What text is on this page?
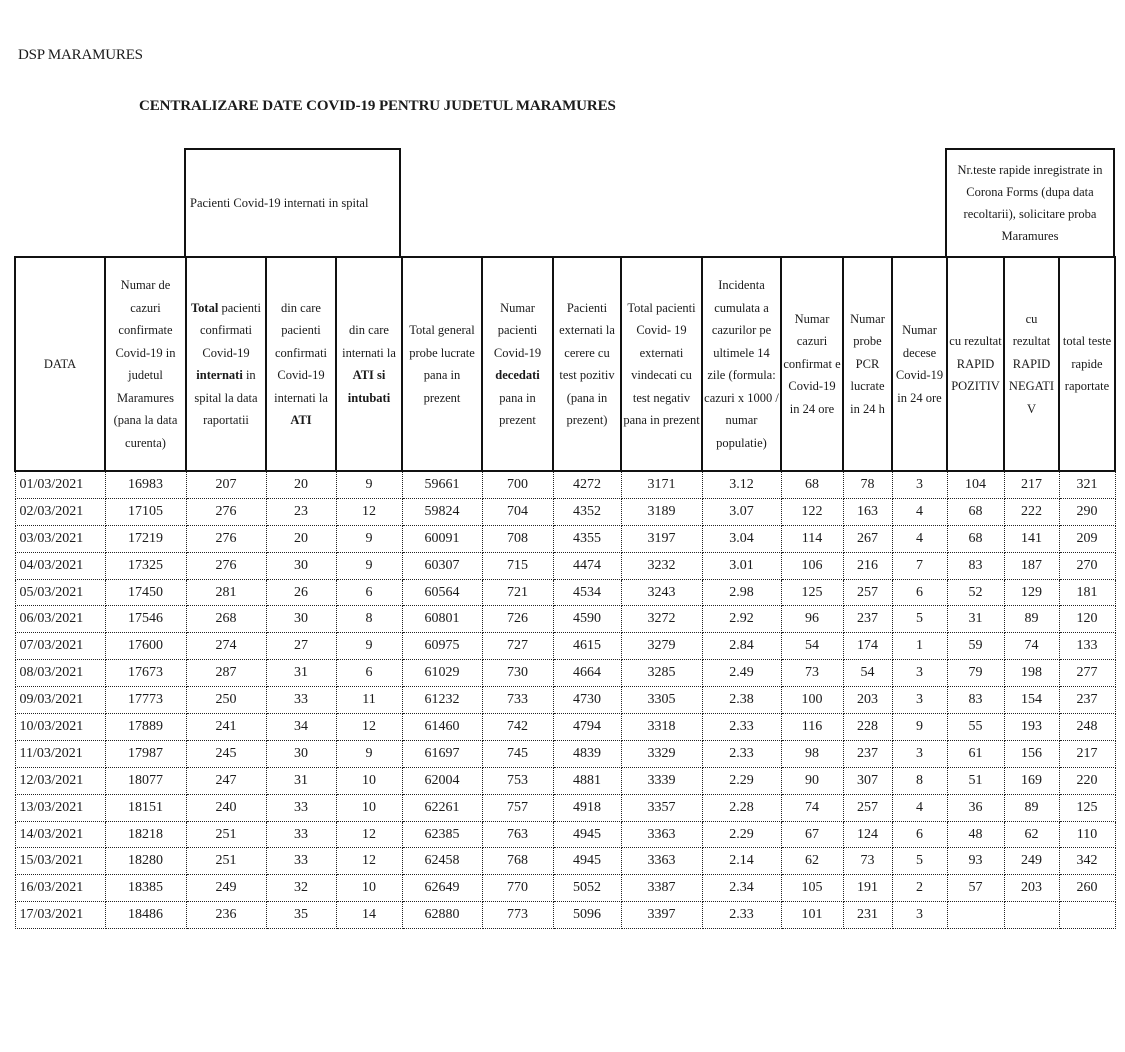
DSP MARAMURES
CENTRALIZARE DATE COVID-19 PENTRU JUDETUL MARAMURES
Pacienti Covid-19 internati in spital
Nr.teste rapide inregistrate in Corona Forms (dupa data recoltarii), solicitare proba Maramures
DATA	Numar de cazuri confirmate Covid-19 in judetul Maramures (pana la data curenta)	Total pacienti confirmati Covid-19 internati in spital la data raportatii	din care pacienti confirmati Covid-19 internati la ATI	din care internati la ATI si intubati	Total general probe lucrate pana in prezent	Numar pacienti Covid-19 decedati pana in prezent	Pacienti externati la cerere cu test pozitiv (pana in prezent)	Total pacienti Covid- 19 externati vindecati cu test negativ pana in prezent	Incidenta cumulata a cazurilor pe ultimele 14 zile (formula: cazuri x 1000 / numar populatie)	Numar cazuri confirmat e Covid-19 in 24 ore	Numar probe PCR lucrate in 24 h	Numar decese Covid-19 in 24 ore	cu rezultat RAPID POZITIV	cu rezultat RAPID NEGATI V	total teste rapide raportate
01/03/2021	16983	207	20	9	59661	700	4272	3171	3.12	68	78	3	104	217	321
02/03/2021	17105	276	23	12	59824	704	4352	3189	3.07	122	163	4	68	222	290
03/03/2021	17219	276	20	9	60091	708	4355	3197	3.04	114	267	4	68	141	209
04/03/2021	17325	276	30	9	60307	715	4474	3232	3.01	106	216	7	83	187	270
05/03/2021	17450	281	26	6	60564	721	4534	3243	2.98	125	257	6	52	129	181
06/03/2021	17546	268	30	8	60801	726	4590	3272	2.92	96	237	5	31	89	120
07/03/2021	17600	274	27	9	60975	727	4615	3279	2.84	54	174	1	59	74	133
08/03/2021	17673	287	31	6	61029	730	4664	3285	2.49	73	54	3	79	198	277
09/03/2021	17773	250	33	11	61232	733	4730	3305	2.38	100	203	3	83	154	237
10/03/2021	17889	241	34	12	61460	742	4794	3318	2.33	116	228	9	55	193	248
11/03/2021	17987	245	30	9	61697	745	4839	3329	2.33	98	237	3	61	156	217
12/03/2021	18077	247	31	10	62004	753	4881	3339	2.29	90	307	8	51	169	220
13/03/2021	18151	240	33	10	62261	757	4918	3357	2.28	74	257	4	36	89	125
14/03/2021	18218	251	33	12	62385	763	4945	3363	2.29	67	124	6	48	62	110
15/03/2021	18280	251	33	12	62458	768	4945	3363	2.14	62	73	5	93	249	342
16/03/2021	18385	249	32	10	62649	770	5052	3387	2.34	105	191	2	57	203	260
17/03/2021	18486	236	35	14	62880	773	5096	3397	2.33	101	231	3			
